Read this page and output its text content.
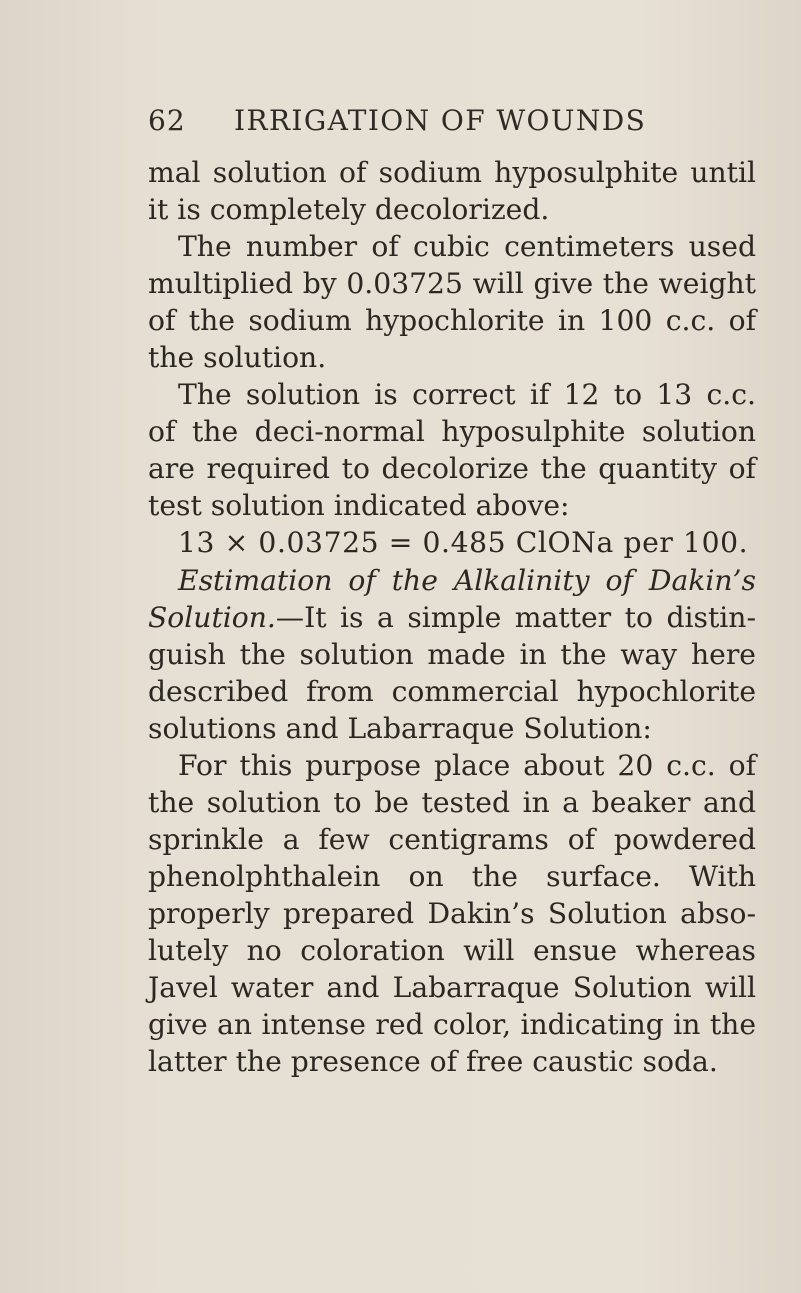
62 IRRIGATION OF WOUNDS
mal solution of sodium hyposulphite until
it is completely decolorized.
The number of cubic centimeters used
multiplied by 0.03725 will give the weight
of the sodium hypochlorite in 100 c.c. of
the solution.
The solution is correct if 12 to 13 c.c.
of the deci-normal hyposulphite solution
are required to decolorize the quantity of
test solution indicated above:
13 × 0.03725 = 0.485 ClONa per 100.
Estimation of the Alkalinity of Dakin’s
Solution.—It is a simple matter to distin-
guish the solution made in the way here
described from commercial hypochlorite
solutions and Labarraque Solution:
For this purpose place about 20 c.c. of
the solution to be tested in a beaker and
sprinkle a few centigrams of powdered
phenolphthalein on the surface. With
properly prepared Dakin’s Solution abso-
lutely no coloration will ensue whereas
Javel water and Labarraque Solution will
give an intense red color, indicating in the
latter the presence of free caustic soda.
